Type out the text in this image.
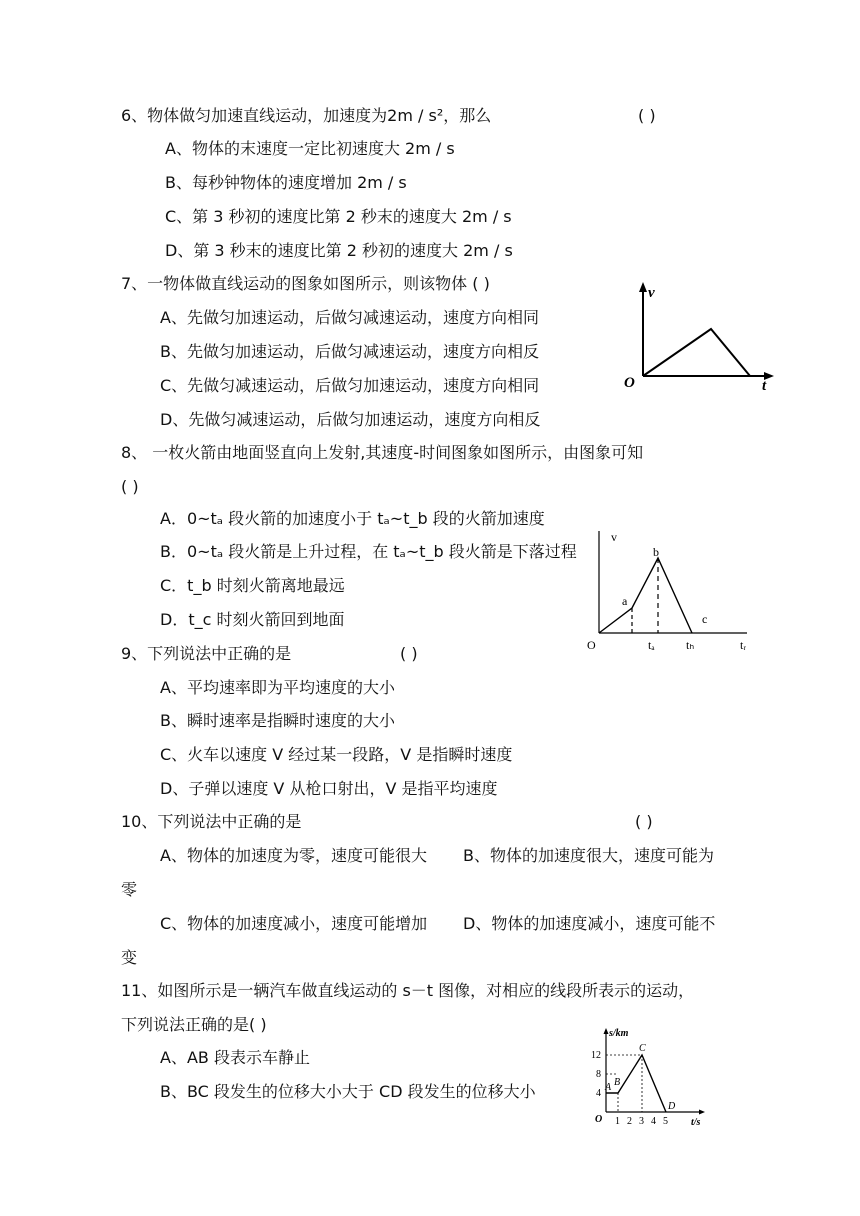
6、物体做匀加速直线运动，加速度为2m / s²，那么	( )
A、物体的末速度一定比初速度大 2m / s
B、每秒钟物体的速度增加 2m / s
C、第 3 秒初的速度比第 2 秒末的速度大 2m / s
D、第 3 秒末的速度比第 2 秒初的速度大 2m / s
7、一物体做直线运动的图象如图所示，则该物体 ( )
A、先做匀加速运动，后做匀减速运动，速度方向相同
B、先做匀加速运动，后做匀减速运动，速度方向相反
C、先做匀减速运动，后做匀加速运动，速度方向相同
D、先做匀减速运动，后做匀加速运动，速度方向相反
v
t
O
8、 一枚火箭由地面竖直向上发射,其速度-时间图象如图所示，由图象可知
( )
A．0~tₐ 段火箭的加速度小于 tₐ~t_b 段的火箭加速度
B．0~tₐ 段火箭是上升过程，在 tₐ~t_b 段火箭是下落过程
C．t_b 时刻火箭离地最远
D．t_c 时刻火箭回到地面
v
a
b
c
O	tₐ	tₕ	tᵣ
9、下列说法中正确的是	( )
A、平均速率即为平均速度的大小
B、瞬时速率是指瞬时速度的大小
C、火车以速度 V 经过某一段路，V 是指瞬时速度
D、子弹以速度 V 从枪口射出，V 是指平均速度
10、下列说法中正确的是	( )
A、物体的加速度为零，速度可能很大 B、物体的加速度很大，速度可能为
零
C、物体的加速度减小，速度可能增加 D、物体的加速度减小，速度可能不
变
11、如图所示是一辆汽车做直线运动的 s－t 图像，对相应的线段所表示的运动，
下列说法正确的是( )
A、AB 段表示车静止
B、BC 段发生的位移大小大于 CD 段发生的位移大小
s/km
12
8
4
O 1 2 3 4 5 t/s
A B
C
D
